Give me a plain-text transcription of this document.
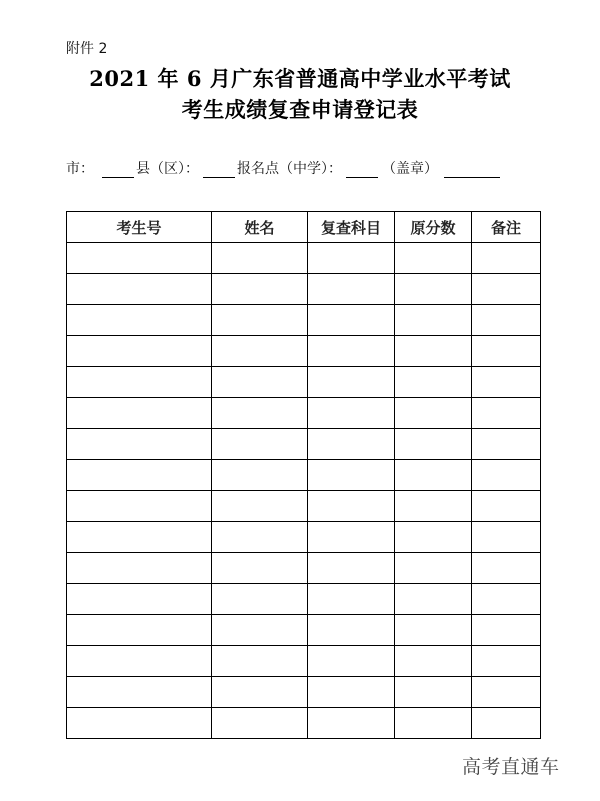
附件 2
2021 年 6 月广东省普通高中学业水平考试
考生成绩复查申请登记表
市：	县（区）：	报名点（中学）：	（盖章）
考生号	姓名	复查科目	原分数	备注

高考直通车
